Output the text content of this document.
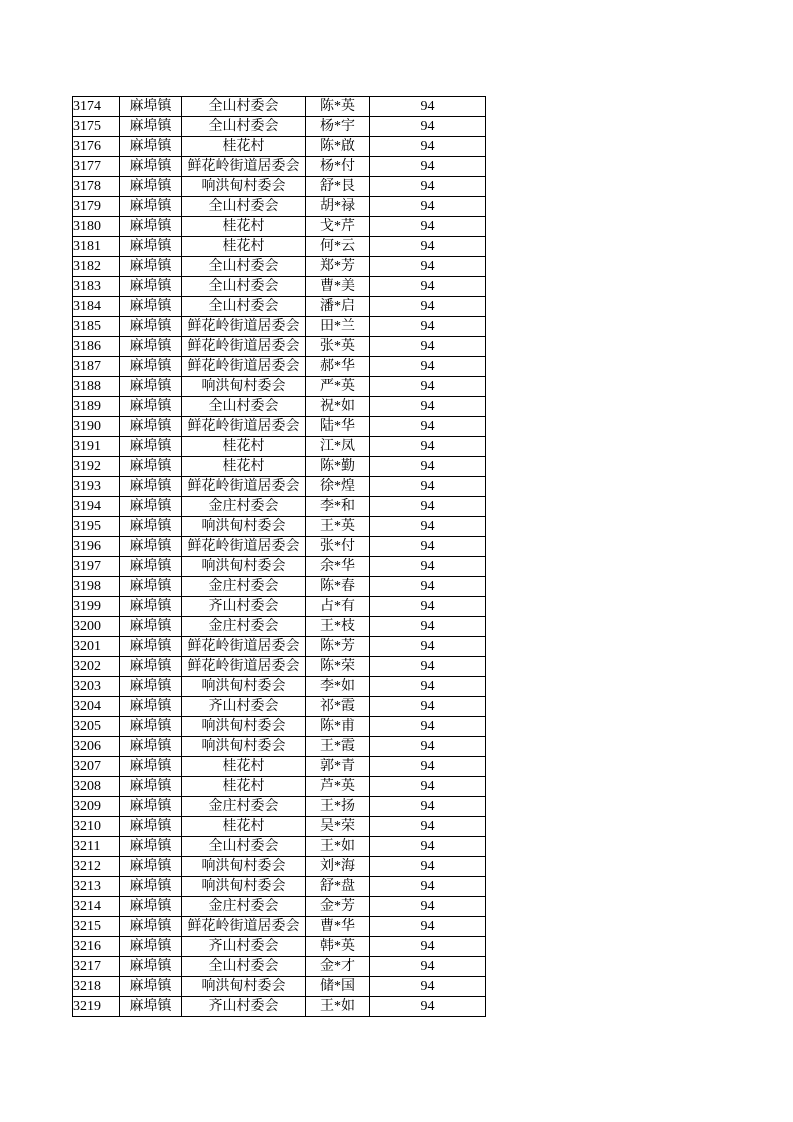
3174	麻埠镇	全山村委会	陈*英	94
3175	麻埠镇	全山村委会	杨*宇	94
3176	麻埠镇	桂花村	陈*啟	94
3177	麻埠镇	鲜花岭街道居委会	杨*付	94
3178	麻埠镇	响洪甸村委会	舒*艮	94
3179	麻埠镇	全山村委会	胡*禄	94
3180	麻埠镇	桂花村	戈*芹	94
3181	麻埠镇	桂花村	何*云	94
3182	麻埠镇	全山村委会	郑*芳	94
3183	麻埠镇	全山村委会	曹*美	94
3184	麻埠镇	全山村委会	潘*启	94
3185	麻埠镇	鲜花岭街道居委会	田*兰	94
3186	麻埠镇	鲜花岭街道居委会	张*英	94
3187	麻埠镇	鲜花岭街道居委会	郝*华	94
3188	麻埠镇	响洪甸村委会	严*英	94
3189	麻埠镇	全山村委会	祝*如	94
3190	麻埠镇	鲜花岭街道居委会	陆*华	94
3191	麻埠镇	桂花村	江*凤	94
3192	麻埠镇	桂花村	陈*勤	94
3193	麻埠镇	鲜花岭街道居委会	徐*煌	94
3194	麻埠镇	金庄村委会	李*和	94
3195	麻埠镇	响洪甸村委会	王*英	94
3196	麻埠镇	鲜花岭街道居委会	张*付	94
3197	麻埠镇	响洪甸村委会	余*华	94
3198	麻埠镇	金庄村委会	陈*春	94
3199	麻埠镇	齐山村委会	占*有	94
3200	麻埠镇	金庄村委会	王*枝	94
3201	麻埠镇	鲜花岭街道居委会	陈*芳	94
3202	麻埠镇	鲜花岭街道居委会	陈*荣	94
3203	麻埠镇	响洪甸村委会	李*如	94
3204	麻埠镇	齐山村委会	祁*霞	94
3205	麻埠镇	响洪甸村委会	陈*甫	94
3206	麻埠镇	响洪甸村委会	王*霞	94
3207	麻埠镇	桂花村	郭*青	94
3208	麻埠镇	桂花村	芦*英	94
3209	麻埠镇	金庄村委会	王*扬	94
3210	麻埠镇	桂花村	吴*荣	94
3211	麻埠镇	全山村委会	王*如	94
3212	麻埠镇	响洪甸村委会	刘*海	94
3213	麻埠镇	响洪甸村委会	舒*盘	94
3214	麻埠镇	金庄村委会	金*芳	94
3215	麻埠镇	鲜花岭街道居委会	曹*华	94
3216	麻埠镇	齐山村委会	韩*英	94
3217	麻埠镇	全山村委会	金*才	94
3218	麻埠镇	响洪甸村委会	储*国	94
3219	麻埠镇	齐山村委会	王*如	94
